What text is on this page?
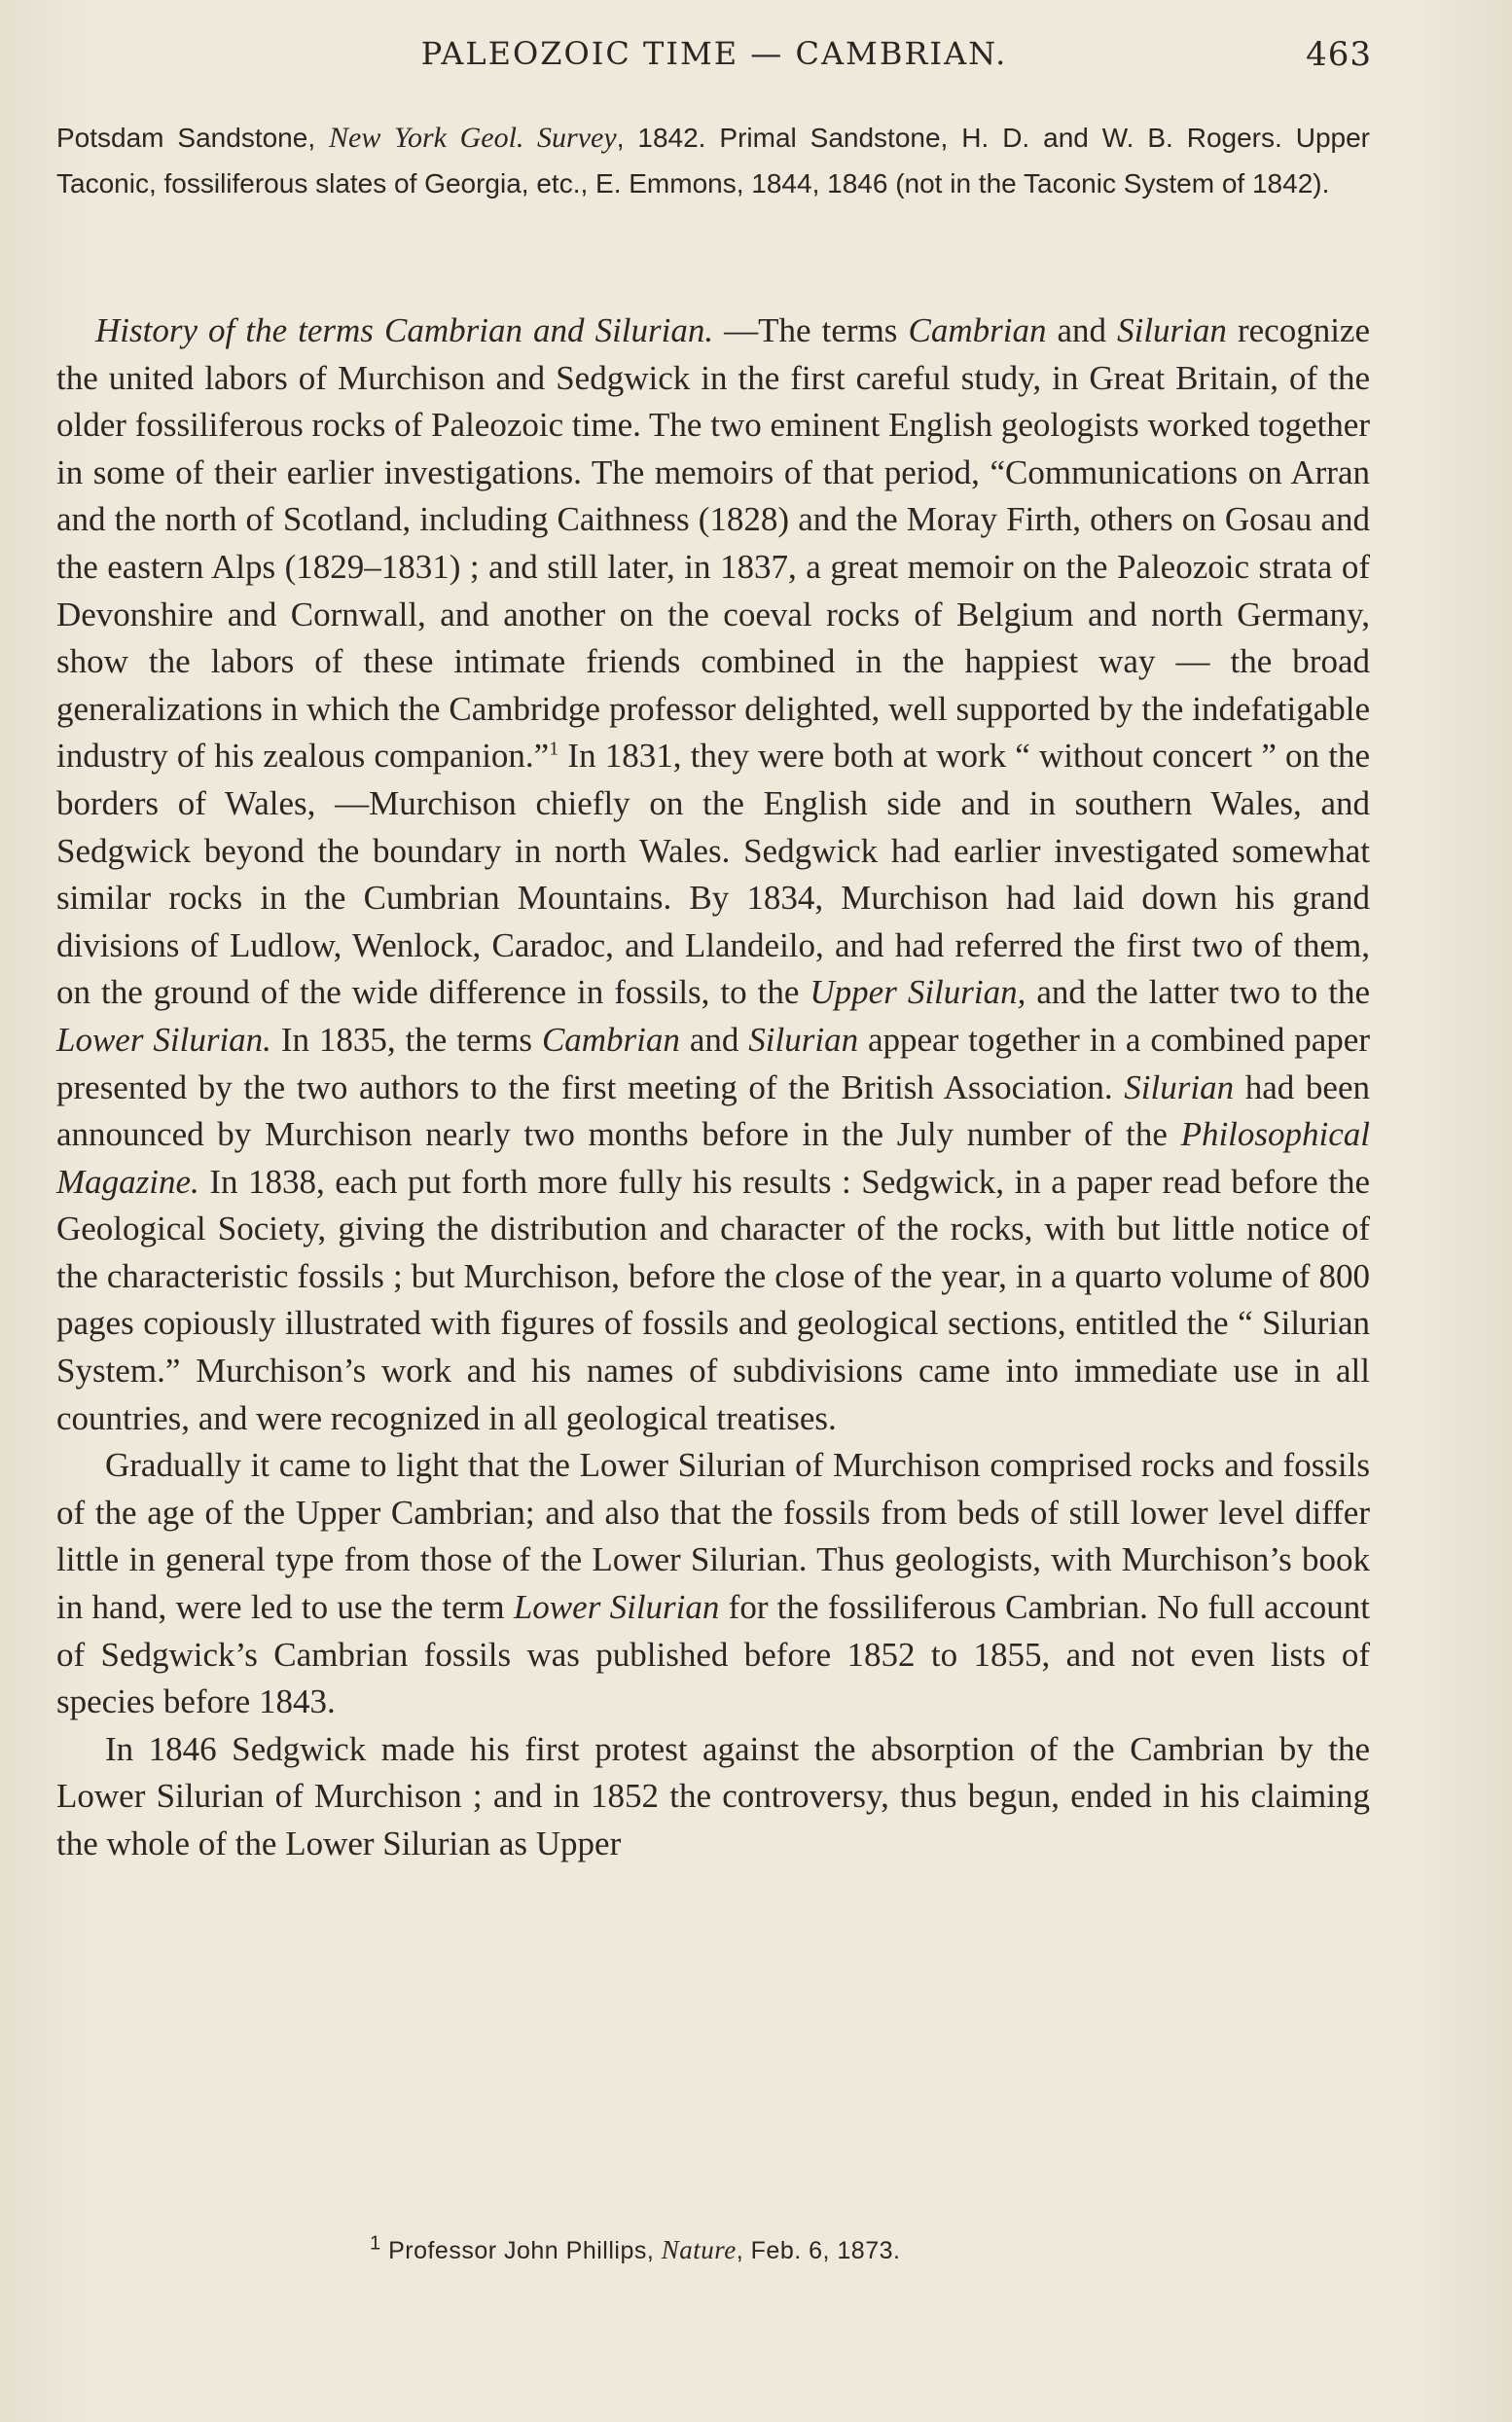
PALEOZOIC TIME — CAMBRIAN.	463
Potsdam Sandstone, New York Geol. Survey, 1842. Primal Sandstone, H. D. and W. B. Rogers. Upper Taconic, fossiliferous slates of Georgia, etc., E. Emmons, 1844, 1846 (not in the Taconic System of 1842).

History of the terms Cambrian and Silurian. —The terms Cambrian and Silurian recognize the united labors of Murchison and Sedgwick in the first careful study, in Great Britain, of the older fossiliferous rocks of Paleozoic time. The two eminent English geologists worked together in some of their earlier investigations. The memoirs of that period, “Communications on Arran and the north of Scotland, including Caithness (1828) and the Moray Firth, others on Gosau and the eastern Alps (1829–1831) ; and still later, in 1837, a great memoir on the Paleozoic strata of Devonshire and Cornwall, and another on the coeval rocks of Belgium and north Germany, show the labors of these intimate friends combined in the happiest way — the broad generalizations in which the Cambridge professor delighted, well supported by the indefatigable industry of his zealous companion.”$^1$ In 1831, they were both at work “ without concert ” on the borders of Wales, —Murchison chiefly on the English side and in southern Wales, and Sedgwick beyond the boundary in north Wales. Sedgwick had earlier investigated somewhat similar rocks in the Cumbrian Mountains. By 1834, Murchison had laid down his grand divisions of Ludlow, Wenlock, Caradoc, and Llandeilo, and had referred the first two of them, on the ground of the wide difference in fossils, to the Upper Silurian, and the latter two to the Lower Silurian. In 1835, the terms Cambrian and Silurian appear together in a combined paper presented by the two authors to the first meeting of the British Association. Silurian had been announced by Murchison nearly two months before in the July number of the Philosophical Magazine. In 1838, each put forth more fully his results : Sedgwick, in a paper read before the Geological Society, giving the distribution and character of the rocks, with but little notice of the characteristic fossils ; but Murchison, before the close of the year, in a quarto volume of 800 pages copiously illustrated with figures of fossils and geological sections, entitled the “ Silurian System.” Murchison’s work and his names of subdivisions came into immediate use in all countries, and were recognized in all geological treatises.

Gradually it came to light that the Lower Silurian of Murchison comprised rocks and fossils of the age of the Upper Cambrian; and also that the fossils from beds of still lower level differ little in general type from those of the Lower Silurian. Thus geologists, with Murchison’s book in hand, were led to use the term Lower Silurian for the fossiliferous Cambrian. No full account of Sedgwick’s Cambrian fossils was published before 1852 to 1855, and not even lists of species before 1843.

In 1846 Sedgwick made his first protest against the absorption of the Cambrian by the Lower Silurian of Murchison ; and in 1852 the controversy, thus begun, ended in his claiming the whole of the Lower Silurian as Upper

$^1$ Professor John Phillips, Nature, Feb. 6, 1873.
